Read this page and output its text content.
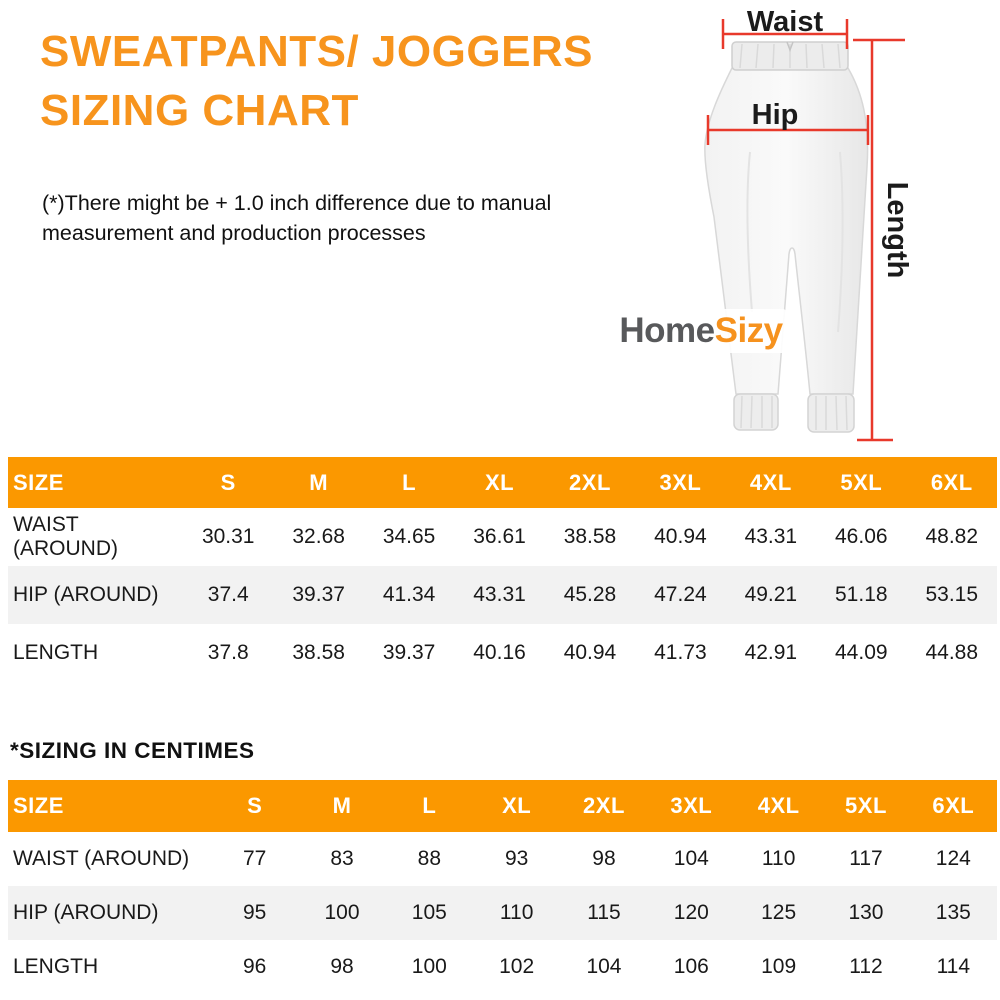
SWEATPANTS/ JOGGERS
SIZING CHART

(*)There might be + 1.0 inch difference due to manual measurement and production processes

Waist
Hip
Length
Home Sizy
SIZE	S	M	L	XL	2XL	3XL	4XL	5XL	6XL
WAIST (AROUND)	30.31	32.68	34.65	36.61	38.58	40.94	43.31	46.06	48.82
HIP (AROUND)	37.4	39.37	41.34	43.31	45.28	47.24	49.21	51.18	53.15
LENGTH	37.8	38.58	39.37	40.16	40.94	41.73	42.91	44.09	44.88
*SIZING IN CENTIMES
SIZE	S	M	L	XL	2XL	3XL	4XL	5XL	6XL
WAIST (AROUND)	77	83	88	93	98	104	110	117	124
HIP (AROUND)	95	100	105	110	115	120	125	130	135
LENGTH	96	98	100	102	104	106	109	112	114
